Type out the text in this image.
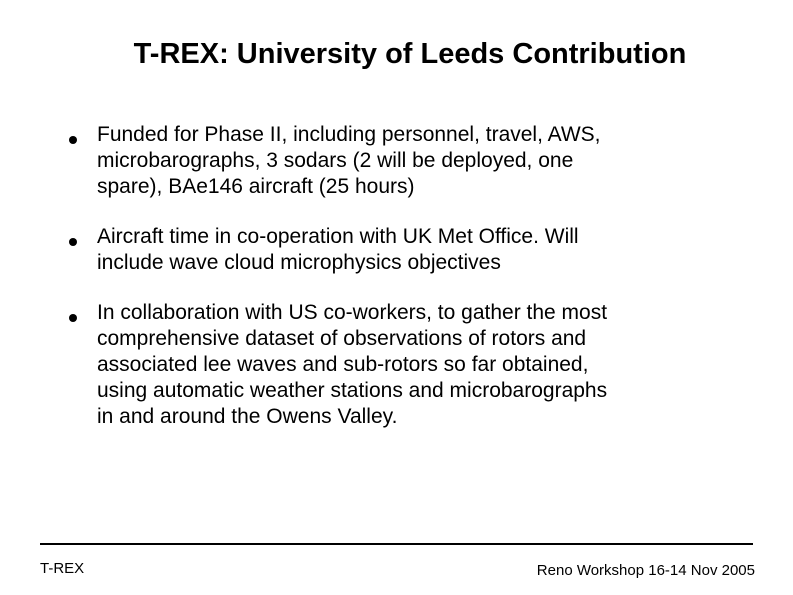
T-REX: University of Leeds Contribution
Funded for Phase II, including personnel, travel, AWS,
microbarographs, 3 sodars (2 will be deployed, one
spare), BAe146 aircraft (25 hours)
Aircraft time in co-operation with UK Met Office. Will
include wave cloud microphysics objectives
In collaboration with US co-workers, to gather the most
comprehensive dataset of observations of rotors and
associated lee waves and sub-rotors so far obtained,
using automatic weather stations and microbarographs
in and around the Owens Valley.
T-REX	Reno Workshop 16-14 Nov 2005
